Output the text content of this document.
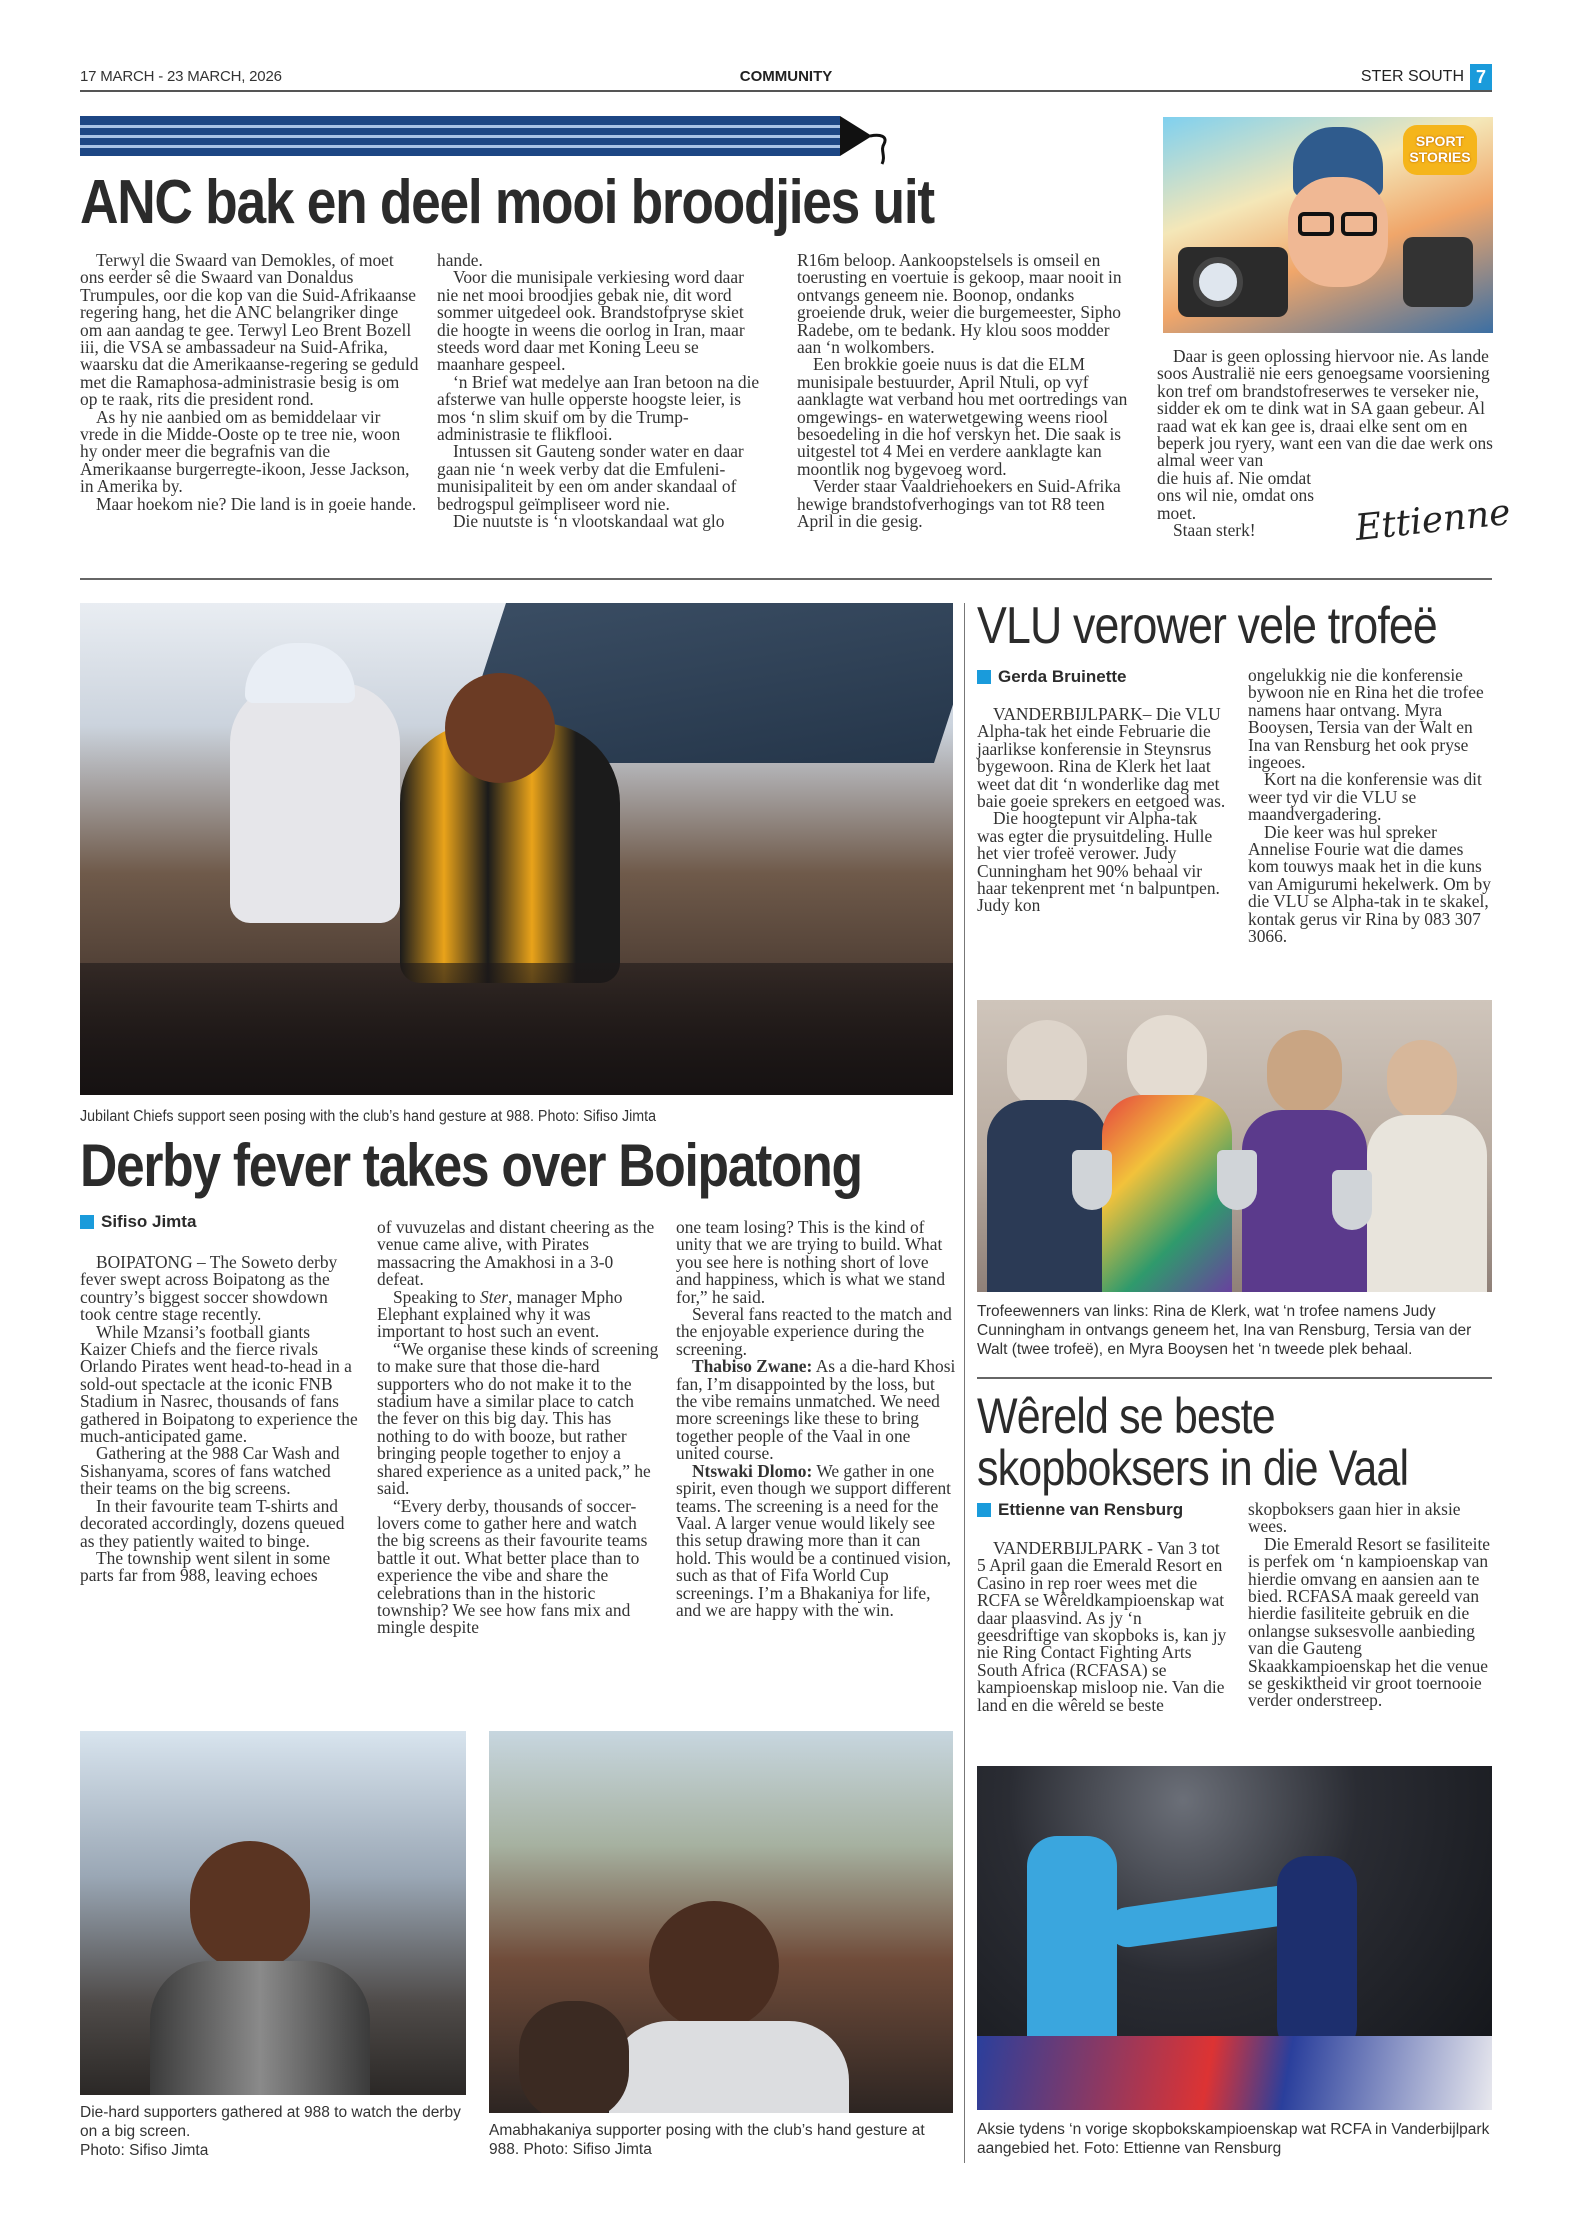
17 MARCH - 23 MARCH, 2026	COMMUNITY	STER SOUTH 7
ANC bak en deel mooi broodjies uit
SPORT STORIES

Terwyl die Swaard van Demokles, of moet ons eerder sê die Swaard van Donaldus Trumpules, oor die kop van die Suid-Afrikaanse regering hang, het die ANC belangriker dinge om aan aandag te gee. Terwyl Leo Brent Bozell iii, die VSA se ambassadeur na Suid-Afrika, waarsku dat die Amerikaanse-regering se geduld met die Ramaphosa-administrasie besig is om op te raak, rits die president rond.

As hy nie aanbied om as bemiddelaar vir vrede in die Midde-Ooste op te tree nie, woon hy onder meer die begrafnis van die Amerikaanse burgerregte-ikoon, Jesse Jackson, in Amerika by.

Maar hoekom nie? Die land is in goeie hande.

hande.

Voor die munisipale verkiesing word daar nie net mooi broodjies gebak nie, dit word sommer uitgedeel ook. Brandstofpryse skiet die hoogte in weens die oorlog in Iran, maar steeds word daar met Koning Leeu se maanhare gespeel.

‘n Brief wat medelye aan Iran betoon na die afsterwe van hulle opperste hoogste leier, is mos ‘n slim skuif om by die Trump-administrasie te flikflooi.

Intussen sit Gauteng sonder water en daar gaan nie ‘n week verby dat die Emfuleni-munisipaliteit by een om ander skandaal of bedrogspul geïmpliseer word nie.

Die nuutste is ‘n vlootskandaal wat glo

R16m beloop. Aankoopstelsels is omseil en toerusting en voertuie is gekoop, maar nooit in ontvangs geneem nie. Boonop, ondanks groeiende druk, weier die burgemeester, Sipho Radebe, om te bedank. Hy klou soos modder aan ‘n wolkombers.

Een brokkie goeie nuus is dat die ELM munisipale bestuurder, April Ntuli, op vyf aanklagte wat verband hou met oortredings van omgewings- en waterwetgewing weens riool besoedeling in die hof verskyn het. Die saak is uitgestel tot 4 Mei en verdere aanklagte kan moontlik nog bygevoeg word.

Verder staar Vaaldriehoekers en Suid-Afrika hewige brandstofverhogings van tot R8 teen April in die gesig.

Daar is geen oplossing hiervoor nie. As lande soos Australië nie eers genoegsame voorsiening kon tref om brandstofreserwes te verseker nie, sidder ek om te dink wat in SA gaan gebeur. Al raad wat ek kan gee is, draai elke sent om en beperk jou ryery, want een van die dae werk ons almal weer van

die huis af. Nie omdat ons wil nie, omdat ons moet.

Staan sterk!	Ettienne
Jubilant Chiefs support seen posing with the club’s hand gesture at 988. Photo: Sifiso Jimta
Derby fever takes over Boipatong
Sifiso Jimta

BOIPATONG – The Soweto derby fever swept across Boipatong as the country’s biggest soccer showdown took centre stage recently.

While Mzansi’s football giants Kaizer Chiefs and the fierce rivals Orlando Pirates went head-to-head in a sold-out spectacle at the iconic FNB Stadium in Nasrec, thousands of fans gathered in Boipatong to experience the much-anticipated game.

Gathering at the 988 Car Wash and Sishanyama, scores of fans watched their teams on the big screens.

In their favourite team T-shirts and decorated accordingly, dozens queued as they patiently waited to binge.

The township went silent in some parts far from 988, leaving echoes

of vuvuzelas and distant cheering as the venue came alive, with Pirates massacring the Amakhosi in a 3-0 defeat.

Speaking to Ster, manager Mpho Elephant explained why it was important to host such an event.

“We organise these kinds of screening to make sure that those die-hard supporters who do not make it to the stadium have a similar place to catch the fever on this big day. This has nothing to do with booze, but rather bringing people together to enjoy a shared experience as a united pack,” he said.

“Every derby, thousands of soccer-lovers come to gather here and watch the big screens as their favourite teams battle it out. What better place than to experience the vibe and share the celebrations than in the historic township? We see how fans mix and mingle despite

one team losing? This is the kind of unity that we are trying to build. What you see here is nothing short of love and happiness, which is what we stand for,” he said.

Several fans reacted to the match and the enjoyable experience during the screening.

Thabiso Zwane: As a die-hard Khosi fan, I’m disappointed by the loss, but the vibe remains unmatched. We need more screenings like these to bring together people of the Vaal in one united course.

Ntswaki Dlomo: We gather in one spirit, even though we support different teams. The screening is a need for the Vaal. A larger venue would likely see this setup drawing more than it can hold. This would be a continued vision, such as that of Fifa World Cup screenings. I’m a Bhakaniya for life, and we are happy with the win.

Die-hard supporters gathered at 988 to watch the derby on a big screen.
Photo: Sifiso Jimta
Amabhakaniya supporter posing with the club’s hand gesture at 988. Photo: Sifiso Jimta
VLU verower vele trofeë
Gerda Bruinette

VANDERBIJLPARK– Die VLU Alpha-tak het einde Februarie die jaarlikse konferensie in Steynsrus bygewoon. Rina de Klerk het laat weet dat dit ‘n wonderlike dag met baie goeie sprekers en eetgoed was.

Die hoogtepunt vir Alpha-tak was egter die prysuitdeling. Hulle het vier trofeë verower. Judy Cunningham het 90% behaal vir haar tekenprent met ‘n balpuntpen. Judy kon

ongelukkig nie die konferensie bywoon nie en Rina het die trofee namens haar ontvang. Myra Booysen, Tersia van der Walt en Ina van Rensburg het ook pryse ingeoes.

Kort na die konferensie was dit weer tyd vir die VLU se maandvergadering.

Die keer was hul spreker Annelise Fourie wat die dames kom touwys maak het in die kuns van Amigurumi hekelwerk. Om by die VLU se Alpha-tak in te skakel, kontak gerus vir Rina by 083 307 3066.

Trofeewenners van links: Rina de Klerk, wat ‘n trofee namens Judy Cunningham in ontvangs geneem het, Ina van Rensburg, Tersia van der Walt (twee trofeë), en Myra Booysen het ‘n tweede plek behaal.
Wêreld se beste
skopboksers in die Vaal
Ettienne van Rensburg

VANDERBIJLPARK - Van 3 tot 5 April gaan die Emerald Resort en Casino in rep roer wees met die RCFA se Wêreldkampioenskap wat daar plaasvind. As jy ‘n geesdriftige van skopboks is, kan jy nie Ring Contact Fighting Arts South Africa (RCFASA) se kampioenskap misloop nie. Van die land en die wêreld se beste

skopboksers gaan hier in aksie wees.

Die Emerald Resort se fasiliteite is perfek om ‘n kampioenskap van hierdie omvang en aansien aan te bied. RCFASA maak gereeld van hierdie fasiliteite gebruik en die onlangse suksesvolle aanbieding van die Gauteng Skaakkampioenskap het die venue se geskiktheid vir groot toernooie verder onderstreep.

Aksie tydens ‘n vorige skopbokskampioenskap wat RCFA in Vanderbijlpark aangebied het. Foto: Ettienne van Rensburg
